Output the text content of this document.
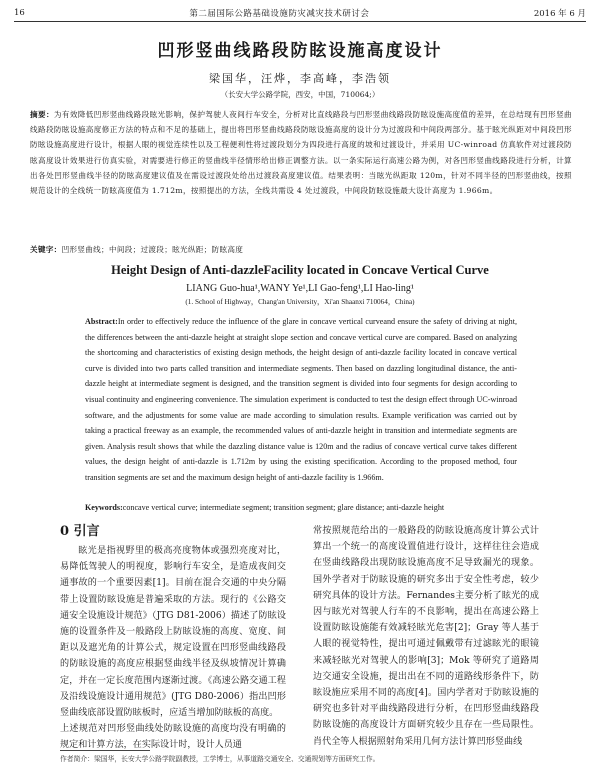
16	第二届国际公路基础设施防灾减灾技术研讨会	2016 年 6 月
凹形竖曲线路段防眩设施高度设计
梁国华，汪烨，李高峰，李浩领
（长安大学公路学院，西安，中国，710064;）
摘要：为有效降低凹形竖曲线路段眩光影响，保护驾驶人夜间行车安全，分析对比直线路段与凹形竖曲线路段防眩设施高度值的差异，在总结现有凹形竖曲线路段防眩设施高度修正方法的特点和不足的基础上，提出将凹形竖曲线路段防眩设施高度的设计分为过渡段和中间段两部分。基于眩光纵距对中间段凹形防眩设施高度进行设计，根据人眼的视觉连续性以及工程便利性将过渡段划分为四段进行高度的坡和过渡设计，并采用 UC-winroad 仿真软件对过渡段防眩高度设计效果进行仿真实验，对需要进行修正的竖曲线半径情形给出修正调整方法。以一条实际运行高速公路为例，对各凹形竖曲线路段进行分析，计算出各处凹形竖曲线半径的防眩高度建议值及在需设过渡段处给出过渡段高度建议值。结果表明：当眩光纵距取 120m，针对不同半径的凹形竖曲线，按照规范设计的全线统一防眩高度值为 1.712m，按照提出的方法，全线共需设 4 处过渡段，中间段防眩设施最大设计高度为 1.966m。
关键字：凹形竖曲线；中间段；过渡段；眩光纵距；防眩高度
Height Design of Anti-dazzleFacility located in Concave Vertical Curve
LIANG Guo-hua¹,WANY Ye¹,LI Gao-feng¹,LI Hao-ling¹
(1. School of Highway，Chang'an University，Xi'an Shaanxi 710064，China)
Abstract:In order to effectively reduce the influence of the glare in concave vertical curveand ensure the safety of driving at night, the differences between the anti-dazzle height at straight slope section and concave vertical curve are compared. Based on analyzing the shortcoming and characteristics of existing design methods, the height design of anti-dazzle facility located in concave vertical curve is divided into two parts called transition and intermediate segments. Then based on dazzling longitudinal distance, the anti-dazzle height at intermediate segment is designed, and the transition segment is divided into four segments for design according to visual continuity and engineering convenience. The simulation experiment is conducted to test the design effect through UC-winroad software, and the adjustments for some value are made according to simulation results. Example verification was carried out by taking a practical freeway as an example, the recommended values of anti-dazzle height in transition and intermediate segments are given. Analysis result shows that while the dazzling distance value is 120m and the radius of concave vertical curve takes different values, the design height of anti-dazzle is 1.712m by using the existing specification. According to the proposed method, four transition segments are set and the maximum design height of anti-dazzle facility is 1.966m.
Keywords:concave vertical curve; intermediate segment; transition segment; glare distance; anti-dazzle height
0 引言

眩光是指视野里的极高亮度物体或强烈亮度对比，易降低驾驶人的明视度，影响行车安全，是造成夜间交通事故的一个重要因素[1]。目前在混合交通的中央分隔带上设置防眩设施是普遍采取的方法。现行的《公路交通安全设施设计规范》（JTG D81-2006）描述了防眩设施的设置条件及一般路段上防眩设施的高度、宽度、间距以及遮光角的计算公式，规定设置在凹形竖曲线路段的防眩设施的高度应根据竖曲线半径及纵坡情况计算确定，并在一定长度范围内逐渐过渡。《高速公路交通工程及沿线设施设计通用规范》(JTG D80-2006）指出凹形竖曲线底部设置防眩板时，应适当增加防眩板的高度。

上述规范对凹形竖曲线处防眩设施的高度均没有明确的规定和计算方法，在实际设计时，设计人员通

常按照规范给出的一般路段的防眩设施高度计算公式计算出一个统一的高度设置值进行设计，这样往往会造成在竖曲线路段出现防眩设施高度不足导致漏光的现象。国外学者对于防眩设施的研究多出于安全性考虑，较少研究具体的设计方法。Fernandes主要分析了眩光的成因与眩光对驾驶人行车的不良影响，提出在高速公路上设置防眩设施能有效减轻眩光危害[2]；Gray 等人基于人眼的视觉特性，提出可通过佩戴带有过滤眩光的眼镜来减轻眩光对驾驶人的影响[3]；Mok 等研究了道路周边交通安全设施，提出出在不同的道路线形条件下，防眩设施应采用不同的高度[4]。国内学者对于防眩设施的研究也多针对平曲线路段进行分析，在凹形竖曲线路段防眩设施的高度设计方面研究较少且存在一些局限性。肖代全等人根据照射角采用几何方法计算凹形竖曲线

作者简介：梁国华，长安大学公路学院副教授，工学博士，从事道路交通安全、交通规划等方面研究工作。
